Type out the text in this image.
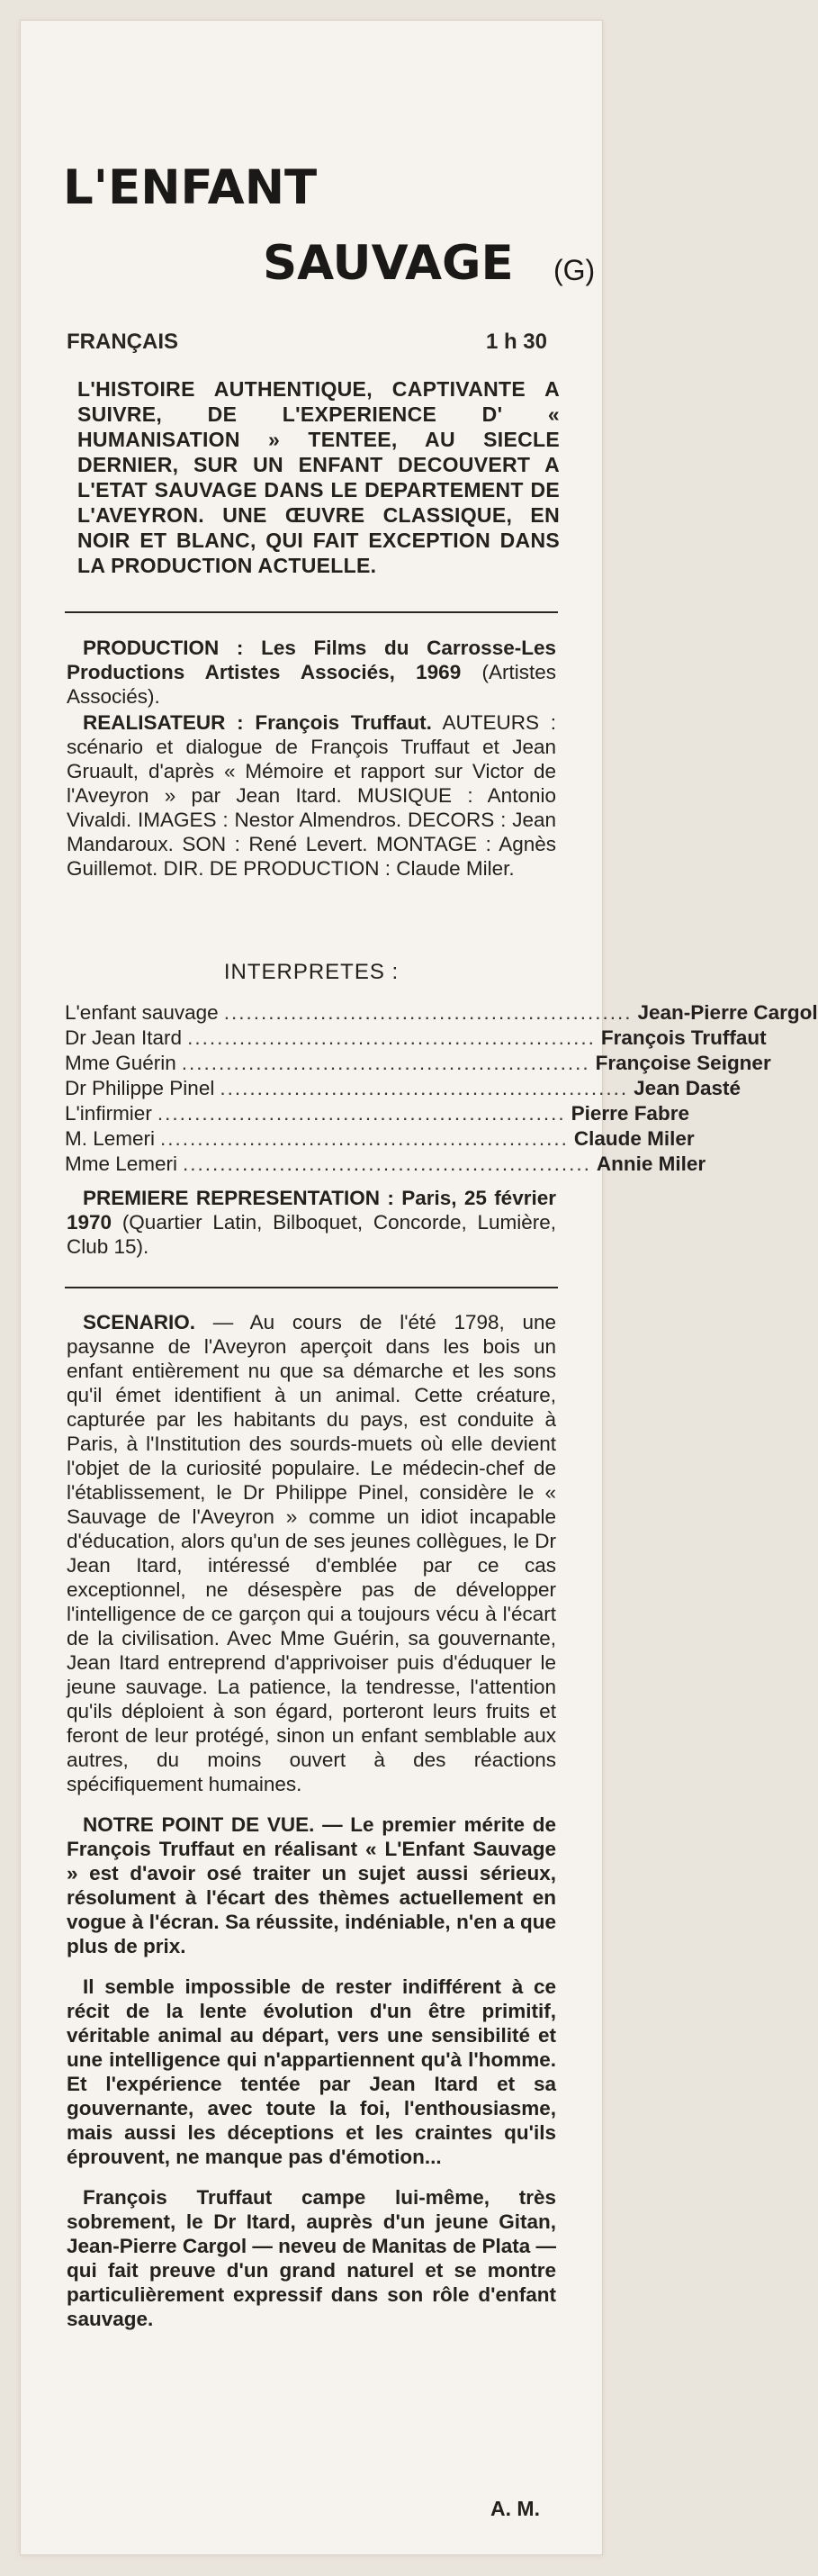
L'ENFANT
SAUVAGE (G)
FRANÇAIS	1 h 30
L'HISTOIRE AUTHENTIQUE, CAPTIVANTE A SUIVRE, DE L'EXPERIENCE D' « HUMANISATION » TENTEE, AU SIECLE DERNIER, SUR UN ENFANT DECOUVERT A L'ETAT SAUVAGE DANS LE DEPARTEMENT DE L'AVEYRON. UNE ŒUVRE CLASSIQUE, EN NOIR ET BLANC, QUI FAIT EXCEPTION DANS LA PRODUCTION ACTUELLE.

PRODUCTION : Les Films du Carrosse-Les Productions Artistes Associés, 1969 (Artistes Associés).

REALISATEUR : François Truffaut. AUTEURS : scénario et dialogue de François Truffaut et Jean Gruault, d'après « Mémoire et rapport sur Victor de l'Aveyron » par Jean Itard. MUSIQUE : Antonio Vivaldi. IMAGES : Nestor Almendros. DECORS : Jean Mandaroux. SON : René Levert. MONTAGE : Agnès Guillemot. DIR. DE PRODUCTION : Claude Miler.

INTERPRETES :
L'enfant sauvage ....................................................... Jean-Pierre Cargol
Dr Jean Itard ....................................................... François Truffaut
Mme Guérin ....................................................... Françoise Seigner
Dr Philippe Pinel ....................................................... Jean Dasté
L'infirmier ....................................................... Pierre Fabre
M. Lemeri ....................................................... Claude Miler
Mme Lemeri ....................................................... Annie Miler

PREMIERE REPRESENTATION : Paris, 25 février 1970 (Quartier Latin, Bilboquet, Concorde, Lumière, Club 15).

SCENARIO. — Au cours de l'été 1798, une paysanne de l'Aveyron aperçoit dans les bois un enfant entièrement nu que sa démarche et les sons qu'il émet identifient à un animal. Cette créature, capturée par les habitants du pays, est conduite à Paris, à l'Institution des sourds-muets où elle devient l'objet de la curiosité populaire. Le médecin-chef de l'établissement, le Dr Philippe Pinel, considère le « Sauvage de l'Aveyron » comme un idiot incapable d'éducation, alors qu'un de ses jeunes collègues, le Dr Jean Itard, intéressé d'emblée par ce cas exceptionnel, ne désespère pas de développer l'intelligence de ce garçon qui a toujours vécu à l'écart de la civilisation. Avec Mme Guérin, sa gouvernante, Jean Itard entreprend d'apprivoiser puis d'éduquer le jeune sauvage. La patience, la tendresse, l'attention qu'ils déploient à son égard, porteront leurs fruits et feront de leur protégé, sinon un enfant semblable aux autres, du moins ouvert à des réactions spécifiquement humaines.

NOTRE POINT DE VUE. — Le premier mérite de François Truffaut en réalisant « L'Enfant Sauvage » est d'avoir osé traiter un sujet aussi sérieux, résolument à l'écart des thèmes actuellement en vogue à l'écran. Sa réussite, indéniable, n'en a que plus de prix.

Il semble impossible de rester indifférent à ce récit de la lente évolution d'un être primitif, véritable animal au départ, vers une sensibilité et une intelligence qui n'appartiennent qu'à l'homme. Et l'expérience tentée par Jean Itard et sa gouvernante, avec toute la foi, l'enthousiasme, mais aussi les déceptions et les craintes qu'ils éprouvent, ne manque pas d'émotion...

François Truffaut campe lui-même, très sobrement, le Dr Itard, auprès d'un jeune Gitan, Jean-Pierre Cargol — neveu de Manitas de Plata — qui fait preuve d'un grand naturel et se montre particulièrement expressif dans son rôle d'enfant sauvage.

A. M.
